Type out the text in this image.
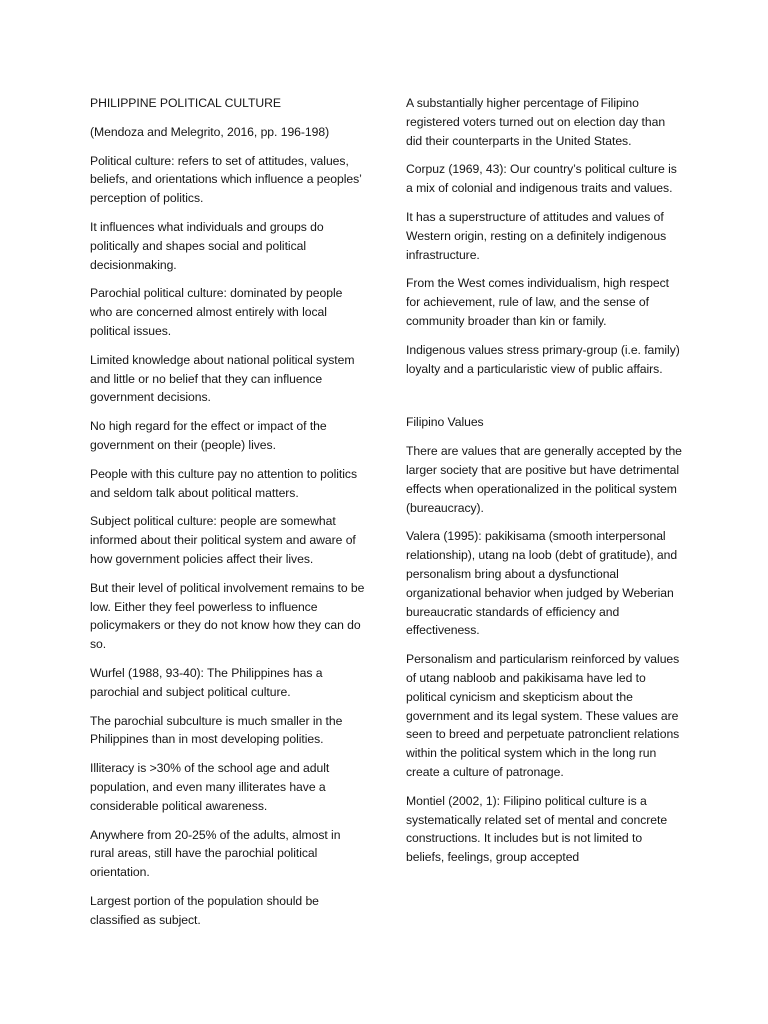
PHILIPPINE POLITICAL CULTURE

(Mendoza and Melegrito, 2016, pp. 196-198)

Political culture: refers to set of attitudes, values, beliefs, and orientations which influence a peoples’ perception of politics.

It influences what individuals and groups do politically and shapes social and political decisionmaking.

Parochial political culture: dominated by people who are concerned almost entirely with local political issues.

Limited knowledge about national political system and little or no belief that they can influence government decisions.

No high regard for the effect or impact of the government on their (people) lives.

People with this culture pay no attention to politics and seldom talk about political matters.

Subject political culture: people are somewhat informed about their political system and aware of how government policies affect their lives.

But their level of political involvement remains to be low. Either they feel powerless to influence policymakers or they do not know how they can do so.

Wurfel (1988, 93-40): The Philippines has a parochial and subject political culture.

The parochial subculture is much smaller in the Philippines than in most developing polities.

Illiteracy is >30% of the school age and adult population, and even many illiterates have a considerable political awareness.

Anywhere from 20-25% of the adults, almost in rural areas, still have the parochial political orientation.

Largest portion of the population should be classified as subject.

A substantially higher percentage of Filipino registered voters turned out on election day than did their counterparts in the United States.

Corpuz (1969, 43): Our country’s political culture is a mix of colonial and indigenous traits and values.

It has a superstructure of attitudes and values of Western origin, resting on a definitely indigenous infrastructure.

From the West comes individualism, high respect for achievement, rule of law, and the sense of community broader than kin or family.

Indigenous values stress primary-group (i.e. family) loyalty and a particularistic view of public affairs.

Filipino Values

There are values that are generally accepted by the larger society that are positive but have detrimental effects when operationalized in the political system (bureaucracy).

Valera (1995): pakikisama (smooth interpersonal relationship), utang na loob (debt of gratitude), and personalism bring about a dysfunctional organizational behavior when judged by Weberian bureaucratic standards of efficiency and effectiveness.

Personalism and particularism reinforced by values of utang nabloob and pakikisama have led to political cynicism and skepticism about the government and its legal system. These values are seen to breed and perpetuate patronclient relations within the political system which in the long run create a culture of patronage.

Montiel (2002, 1): Filipino political culture is a systematically related set of mental and concrete constructions. It includes but is not limited to beliefs, feelings, group accepted
